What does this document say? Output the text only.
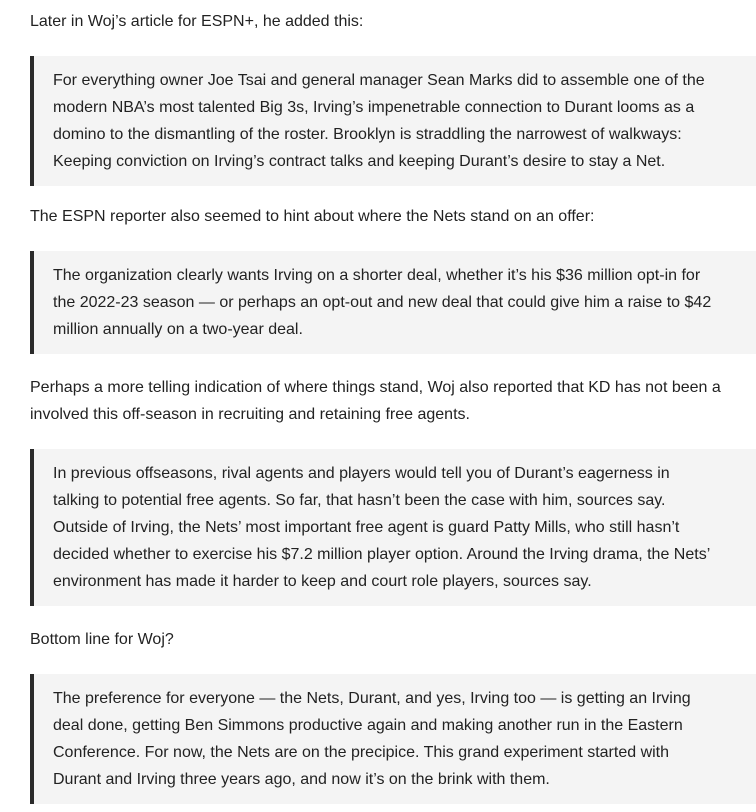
Later in Woj’s article for ESPN+, he added this:

For everything owner Joe Tsai and general manager Sean Marks did to assemble one of the
modern NBA’s most talented Big 3s, Irving’s impenetrable connection to Durant looms as a
domino to the dismantling of the roster. Brooklyn is straddling the narrowest of walkways:
Keeping conviction on Irving’s contract talks and keeping Durant’s desire to stay a Net.

The ESPN reporter also seemed to hint about where the Nets stand on an offer:

The organization clearly wants Irving on a shorter deal, whether it’s his $36 million opt-in for
the 2022-23 season — or perhaps an opt-out and new deal that could give him a raise to $42
million annually on a two-year deal.

Perhaps a more telling indication of where things stand, Woj also reported that KD has not been a
involved this off-season in recruiting and retaining free agents.

In previous offseasons, rival agents and players would tell you of Durant’s eagerness in
talking to potential free agents. So far, that hasn’t been the case with him, sources say.
Outside of Irving, the Nets’ most important free agent is guard Patty Mills, who still hasn’t
decided whether to exercise his $7.2 million player option. Around the Irving drama, the Nets’
environment has made it harder to keep and court role players, sources say.

Bottom line for Woj?

The preference for everyone — the Nets, Durant, and yes, Irving too — is getting an Irving
deal done, getting Ben Simmons productive again and making another run in the Eastern
Conference. For now, the Nets are on the precipice. This grand experiment started with
Durant and Irving three years ago, and now it’s on the brink with them.
